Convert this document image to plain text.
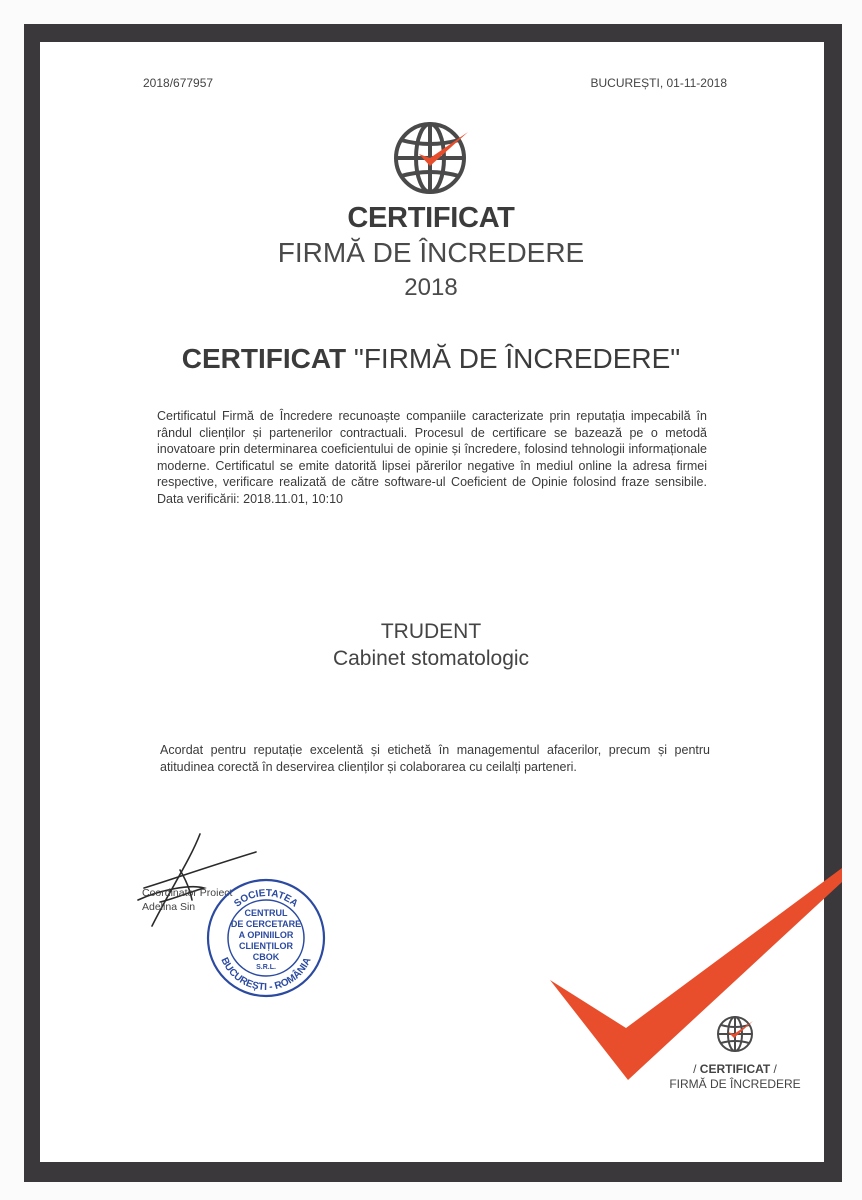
2018/677957	BUCUREȘTI, 01-11-2018
CERTIFICAT
FIRMĂ DE ÎNCREDERE
2018
CERTIFICAT "FIRMĂ DE ÎNCREDERE"
Certificatul Firmă de Încredere recunoaște companiile caracterizate prin reputația impecabilă în rândul clienților și partenerilor contractuali. Procesul de certificare se bazează pe o metodă inovatoare prin determinarea coeficientului de opinie și încredere, folosind tehnologii informaționale moderne. Certificatul se emite datorită lipsei părerilor negative în mediul online la adresa firmei respective, verificare realizată de către software-ul Coeficient de Opinie folosind fraze sensibile. Data verificării: 2018.11.01, 10:10
TRUDENT
Cabinet stomatologic
Acordat pentru reputație excelentă și etichetă în managementul afacerilor, precum și pentru atitudinea corectă în deservirea clienților și colaborarea cu ceilalți parteneri.
Coordinator Proiect
Adelina Sin	SOCIETATEA
BUCUREȘTI - ROMÂNIA
CENTRUL
DE CERCETARE
A OPINIILOR
CLIENȚILOR
CBOK
S.R.L.
/ CERTIFICAT /
FIRMĂ DE ÎNCREDERE
